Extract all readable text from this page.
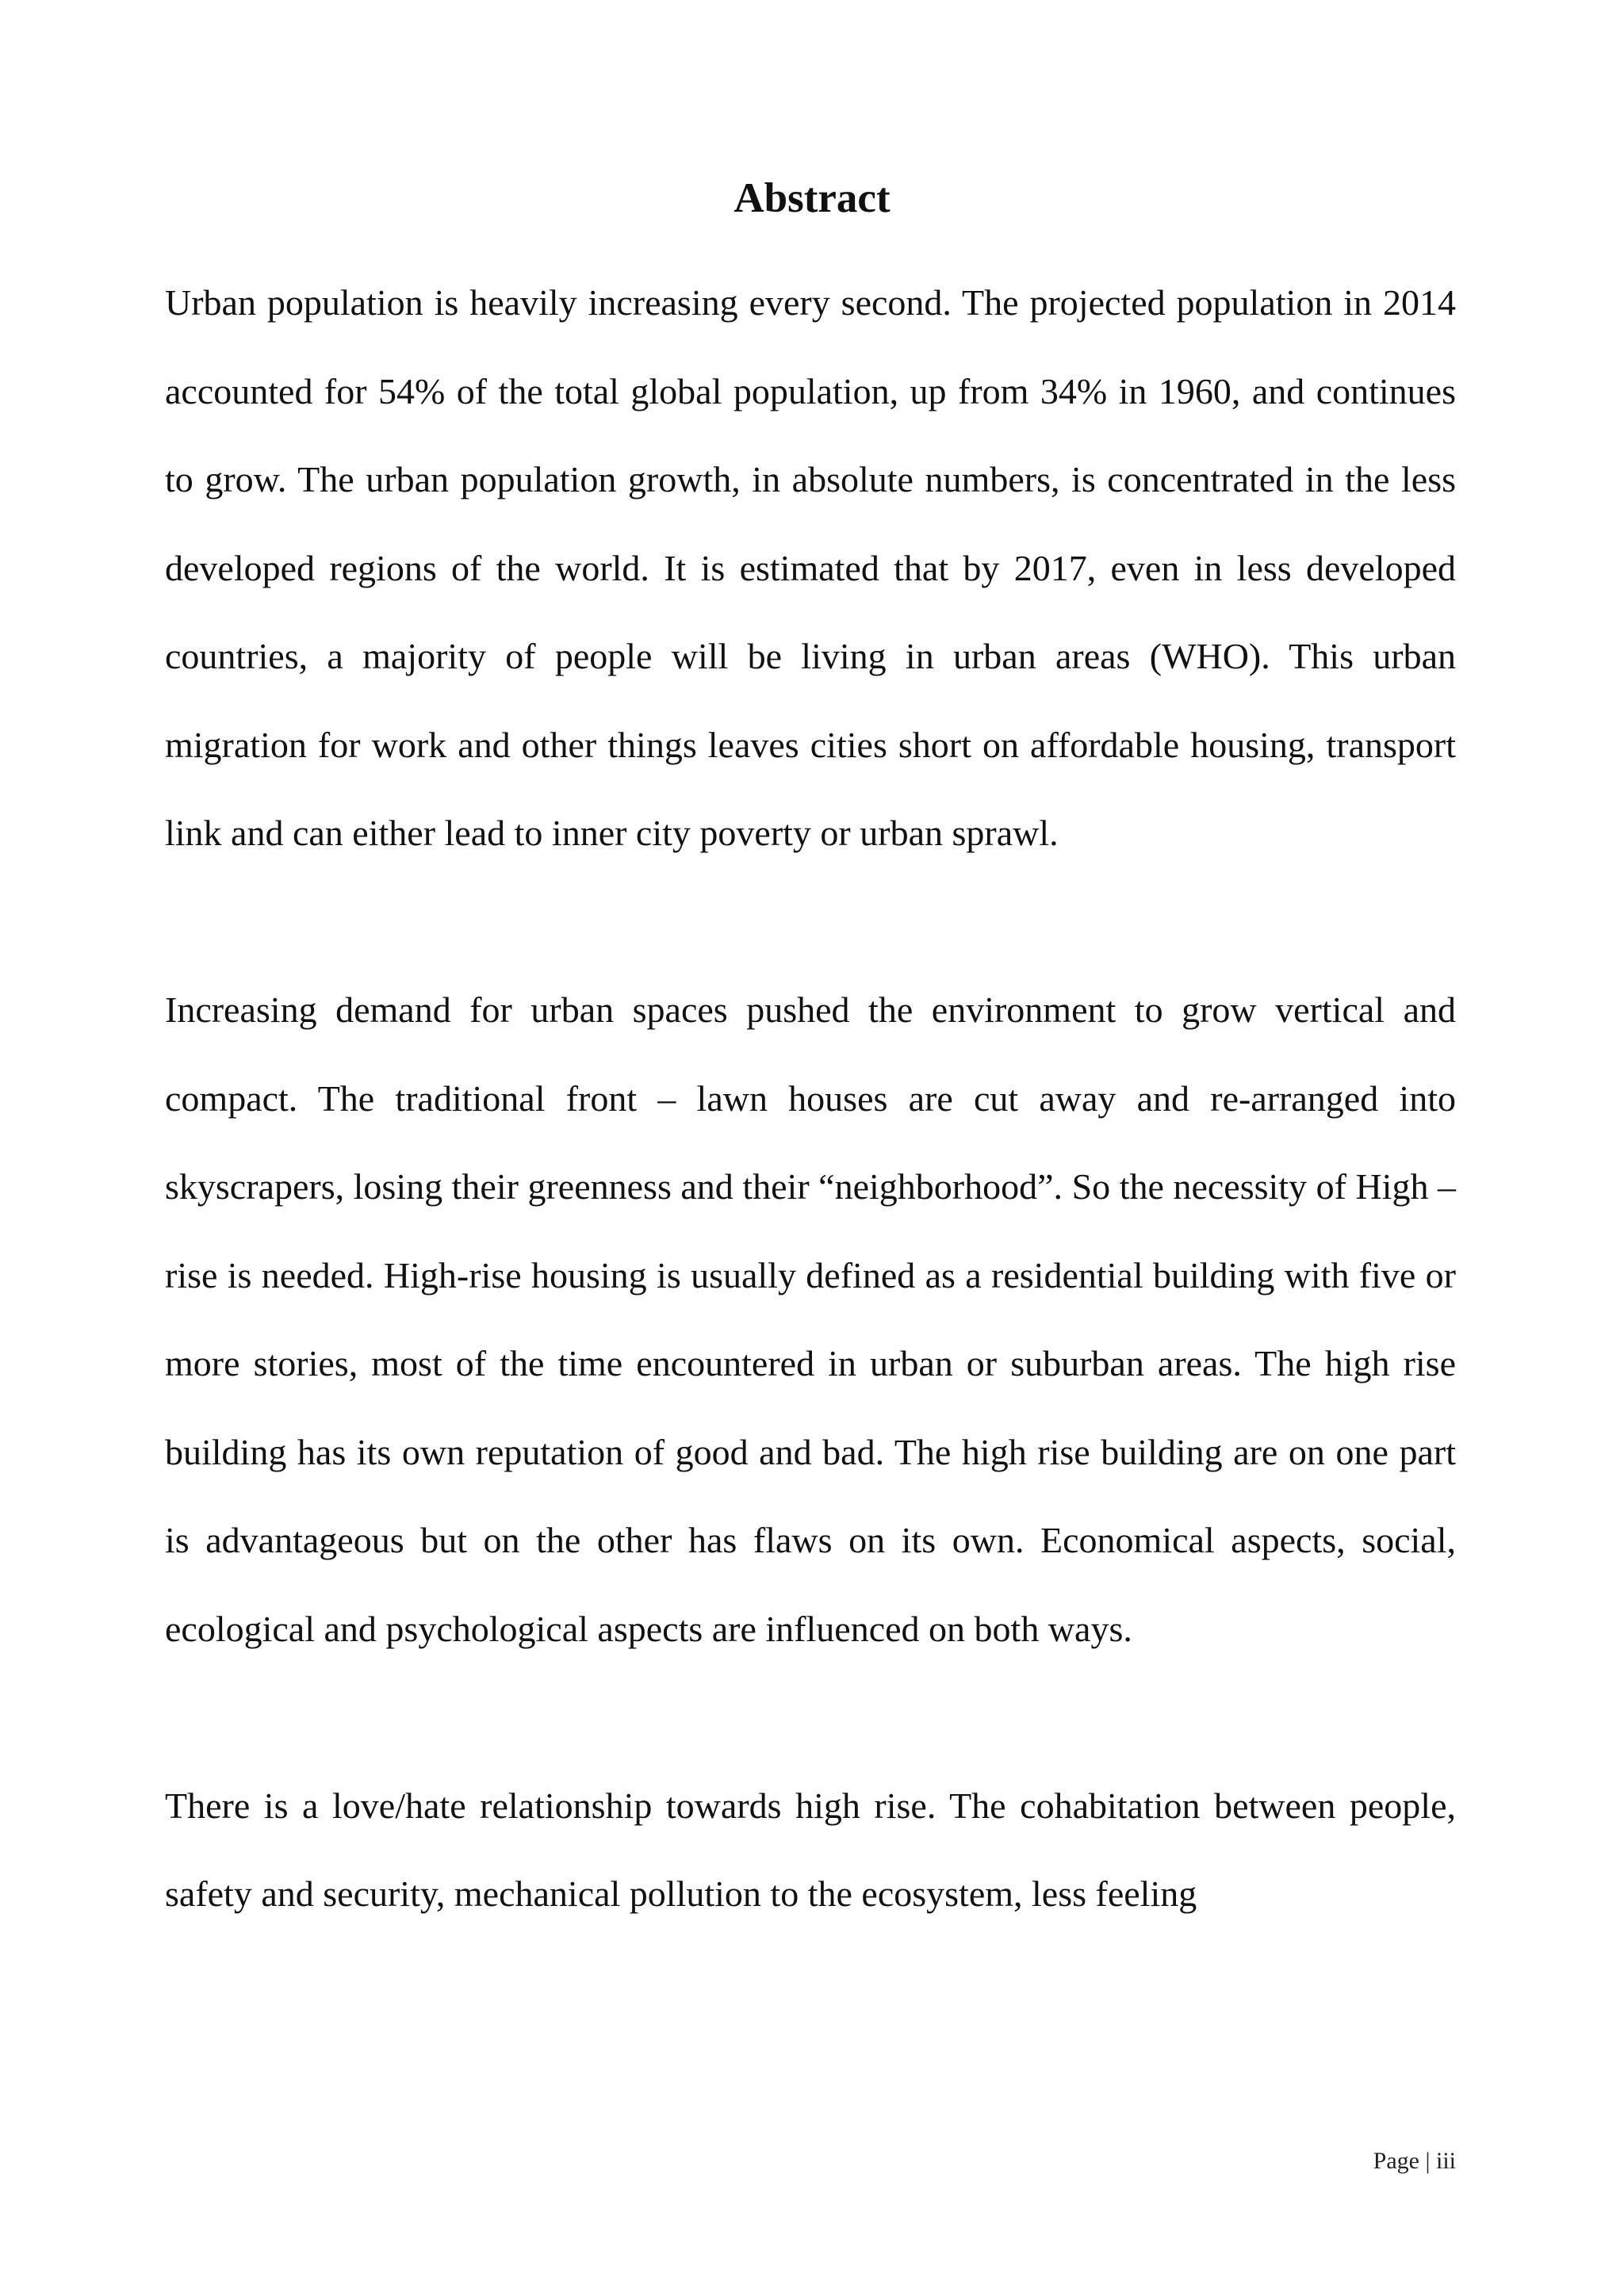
Abstract

Urban population is heavily increasing every second. The projected population in 2014 accounted for 54% of the total global population, up from 34% in 1960, and continues to grow. The urban population growth, in absolute numbers, is concentrated in the less developed regions of the world. It is estimated that by 2017, even in less developed countries, a majority of people will be living in urban areas (WHO). This urban migration for work and other things leaves cities short on affordable housing, transport link and can either lead to inner city poverty or urban sprawl.

Increasing demand for urban spaces pushed the environment to grow vertical and compact. The traditional front – lawn houses are cut away and re-arranged into skyscrapers, losing their greenness and their “neighborhood”. So the necessity of High – rise is needed. High-rise housing is usually defined as a residential building with five or more stories, most of the time encountered in urban or suburban areas. The high rise building has its own reputation of good and bad. The high rise building are on one part is advantageous but on the other has flaws on its own. Economical aspects, social, ecological and psychological aspects are influenced on both ways.

There is a love/hate relationship towards high rise. The cohabitation between people, safety and security, mechanical pollution to the ecosystem, less feeling

Page | iii
